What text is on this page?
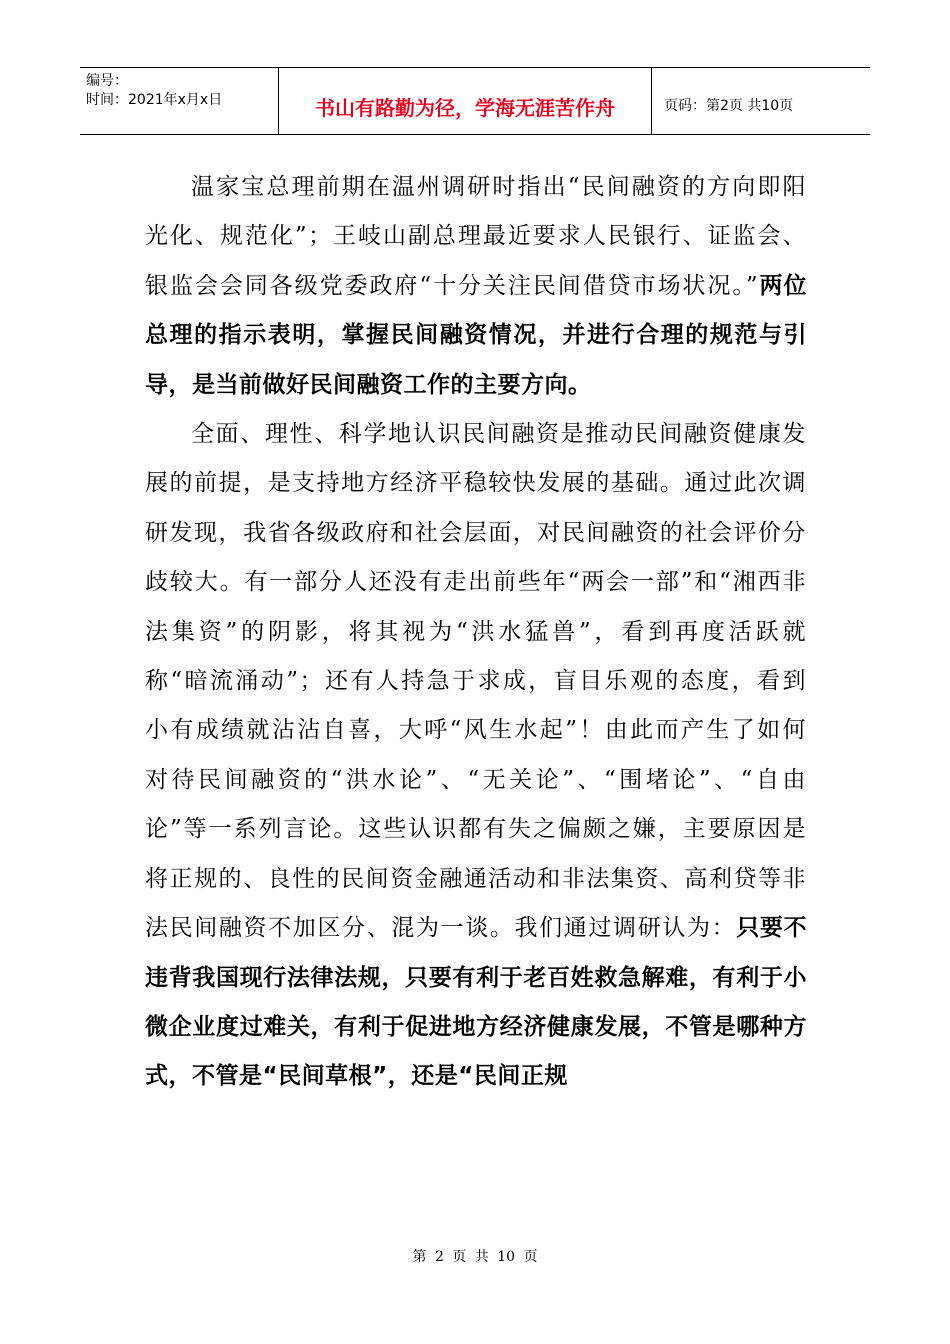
编号：
时间：2021年x月x日	书山有路勤为径，学海无涯苦作舟	页码：第2页 共10页

温家宝总理前期在温州调研时指出“民间融资的方向即阳光化、规范化”；王岐山副总理最近要求人民银行、证监会、银监会会同各级党委政府“十分关注民间借贷市场状况。”两位总理的指示表明，掌握民间融资情况，并进行合理的规范与引导，是当前做好民间融资工作的主要方向。

全面、理性、科学地认识民间融资是推动民间融资健康发展的前提，是支持地方经济平稳较快发展的基础。通过此次调研发现，我省各级政府和社会层面，对民间融资的社会评价分歧较大。有一部分人还没有走出前些年“两会一部”和“湘西非法集资”的阴影，将其视为“洪水猛兽”，看到再度活跃就称“暗流涌动”；还有人持急于求成，盲目乐观的态度，看到小有成绩就沾沾自喜，大呼“风生水起”！由此而产生了如何对待民间融资的“洪水论”、“无关论”、“围堵论”、“自由论”等一系列言论。这些认识都有失之偏颇之嫌，主要原因是将正规的、良性的民间资金融通活动和非法集资、高利贷等非法民间融资不加区分、混为一谈。我们通过调研认为：只要不违背我国现行法律法规，只要有利于老百姓救急解难，有利于小微企业度过难关，有利于促进地方经济健康发展，不管是哪种方式，不管是“民间草根”，还是“民间正规

第 2 页 共 10 页
